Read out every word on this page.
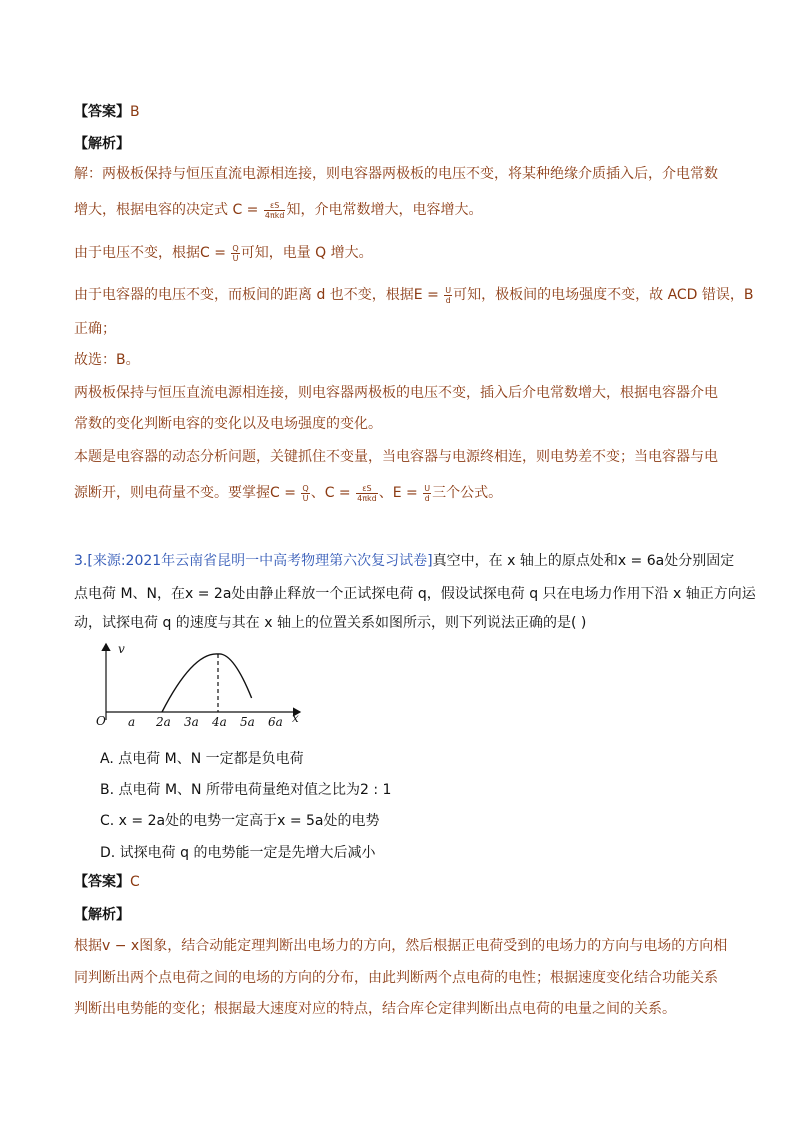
【答案】B
【解析】
解：两极板保持与恒压直流电源相连接，则电容器两极板的电压不变，将某种绝缘介质插入后，介电常数
增大，根据电容的决定式 $C = \frac{\varepsilon S}{\text{4πkd}}$ 知，介电常数增大，电容增大。
由于电压不变，根据$C = \frac{Q}{U}$ 可知，电量 Q 增大。
由于电容器的电压不变，而板间的距离 d 也不变，根据$E = \frac{U}{d}$ 可知，极板间的电场强度不变，故 ACD 错误，B
正确；
故选：B。
两极板保持与恒压直流电源相连接，则电容器两极板的电压不变，插入后介电常数增大，根据电容器介电
常数的变化判断电容的变化以及电场强度的变化。
本题是电容器的动态分析问题，关键抓住不变量，当电容器与电源终相连，则电势差不变；当电容器与电
源断开，则电荷量不变。要掌握$C = \frac{Q}{U}$ 、$C = \frac{\varepsilon S}{\text{4πkd}}$ 、$E = \frac{U}{d}$ 三个公式。
3.[来源:2021年云南省昆明一中高考物理第六次复习试卷]真空中，在 x 轴上的原点处和x = 6a处分别固定
点电荷 M、N，在x = 2a处由静止释放一个正试探电荷 q，假设试探电荷 q 只在电场力作用下沿 x 轴正方向运
动，试探电荷 q 的速度与其在 x 轴上的位置关系如图所示，则下列说法正确的是( )
v
x
O a 2a 3a 4a 5a 6a
A. 点电荷 M、N 一定都是负电荷
B. 点电荷 M、N 所带电荷量绝对值之比为2 : 1
C. x = 2a处的电势一定高于x = 5a处的电势
D. 试探电荷 q 的电势能一定是先增大后减小
【答案】C
【解析】
根据v − x图象，结合动能定理判断出电场力的方向，然后根据正电荷受到的电场力的方向与电场的方向相
同判断出两个点电荷之间的电场的方向的分布，由此判断两个点电荷的电性；根据速度变化结合功能关系
判断出电势能的变化；根据最大速度对应的特点，结合库仑定律判断出点电荷的电量之间的关系。
